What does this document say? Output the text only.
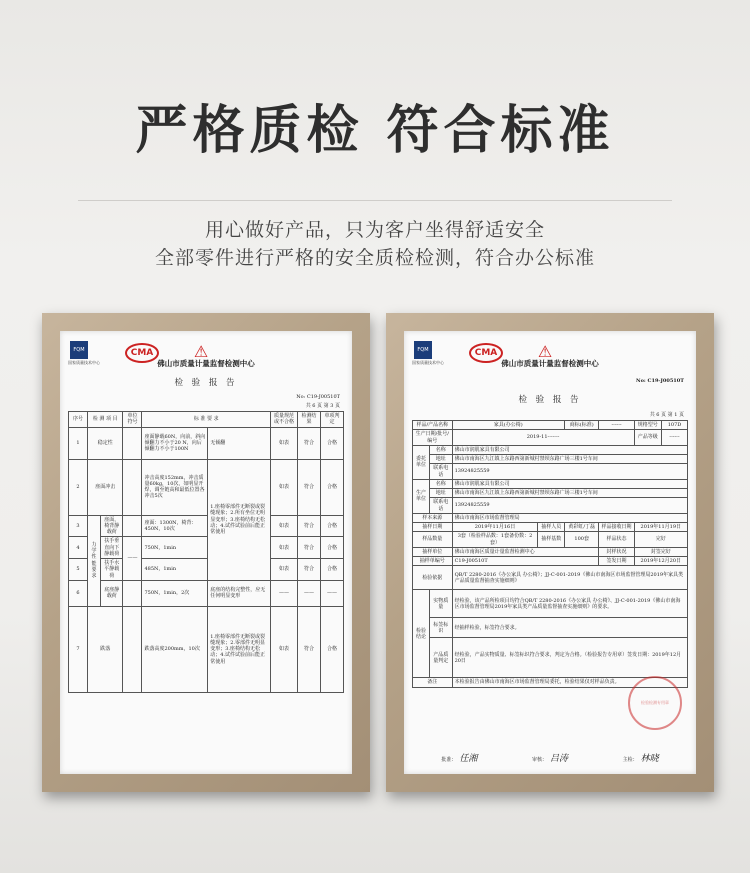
严格质检 符合标准
用心做好产品，只为客户坐得舒适安全
全部零件进行严格的安全质检检测，符合办公标准
FQM
国家质量技术中心
CMA	⚠
佛山市质量计量监督检测中心
检 验 报 告
No: C19-J00510T
共 6 页 第 3 页
序号	检 测 项 目		单位符号	标 准 要 求		质量规范或不合格	检测结果	单项判定
1	稳定性			座面静载60N，向前，斜向倾翻力不小于20 N，向后倾翻力不小于100N	无倾翻	如表	符合	合格
2	座面冲击			冲击高度152mm，冲击质量60kg，10次，如明显开焊，调至链高和最低位置各冲击5次	1.座椅零部件无断裂或裂缝现象；2.所有坐位无明显变形；3.座椅结构无松动；4.试件试验前后能正常使用	如表	符合	合格
3	力学性能要求	座面，椅背静载荷		座面：1300N，椅背：450N，10次		如表	符合	合格
4		扶手垂直向下静载荷	——	750N，1min		如表	符合	合格
5		扶手水平静载荷		485N，1min		如表	符合	合格
6		底座静载荷		750N，1min，2次	底座的结构完整性，应无任何明显变形	——	——	——
7	跌落			跌落高度200mm，10次	1.座椅零部件无断裂或裂缝现象；2.零部件无明显变形；3.座椅结构无松动；4.试件试验前后能正常使用	如表	符合	合格
FQM
国家质量技术中心
CMA	⚠
佛山市质量计量监督检测中心
No: C19-J00510T
检 验 报 告
共 6 页 第 1 页
样品/产品名称		家具(办公椅)		商标(标准)	------	规格型号	107D
生产日期/批号/编号		2019-11-------				产品等级	------
委托单位	名称	佛山市润肌家具有限公司					
	地址	佛山市南海区九江镇上东路西第新城村禁坝东路广场三楼1号车间					
	联系电话	13924825559					
生产单位	名称	佛山市润肌家具有限公司					
	地址	佛山市南海区九江镇上东路西第新城村禁坝东路广场三楼1号车间					
	联系电话	13924825559					
样本来源		佛山市南海区市场监督管理局					
抽样日期		2019年11月16日	抽样人员	黄彩虹/丁磊	样品接收日期	2019年11月19日	
样品数量		3套（检验样品数：1套备份数：2套）	抽样基数	100套	样品状态	完好	
抽样单位		佛山市南海区质量计量监督检测中心			封样状况	封签完好	
抽样单编号		C19-J00510T			签发日期	2019年12月20日	
检验依据		QB/T 2280-2016《办公家具 办公椅》；JJ-C-001-2019《佛山市南海区市场监督管理局2019年家具类产品质量监督抽查实施细则》					
检验结论	实物质量	经检验，该产品所检项目均符合QB/T 2280-2016《办公家具 办公椅》、JJ-C-001-2019《佛山市南海区市场监督管理局2019年家具类产品质量监督抽查实施细则》的要求。					
	标签标识	经抽样检验，标签符合要求。					
	产品质量判定	经检验，产品实物质量、标签标识符合要求，判定为合格。（检验报告专用章）签发日期：2019年12月20日					
备注		本检验报告由佛山市南海区市场监督管理局委托，检验结果仅对样品负责。					
检验检测专用章
批准： 任湘	审核： 吕涛	主检： 林晓
